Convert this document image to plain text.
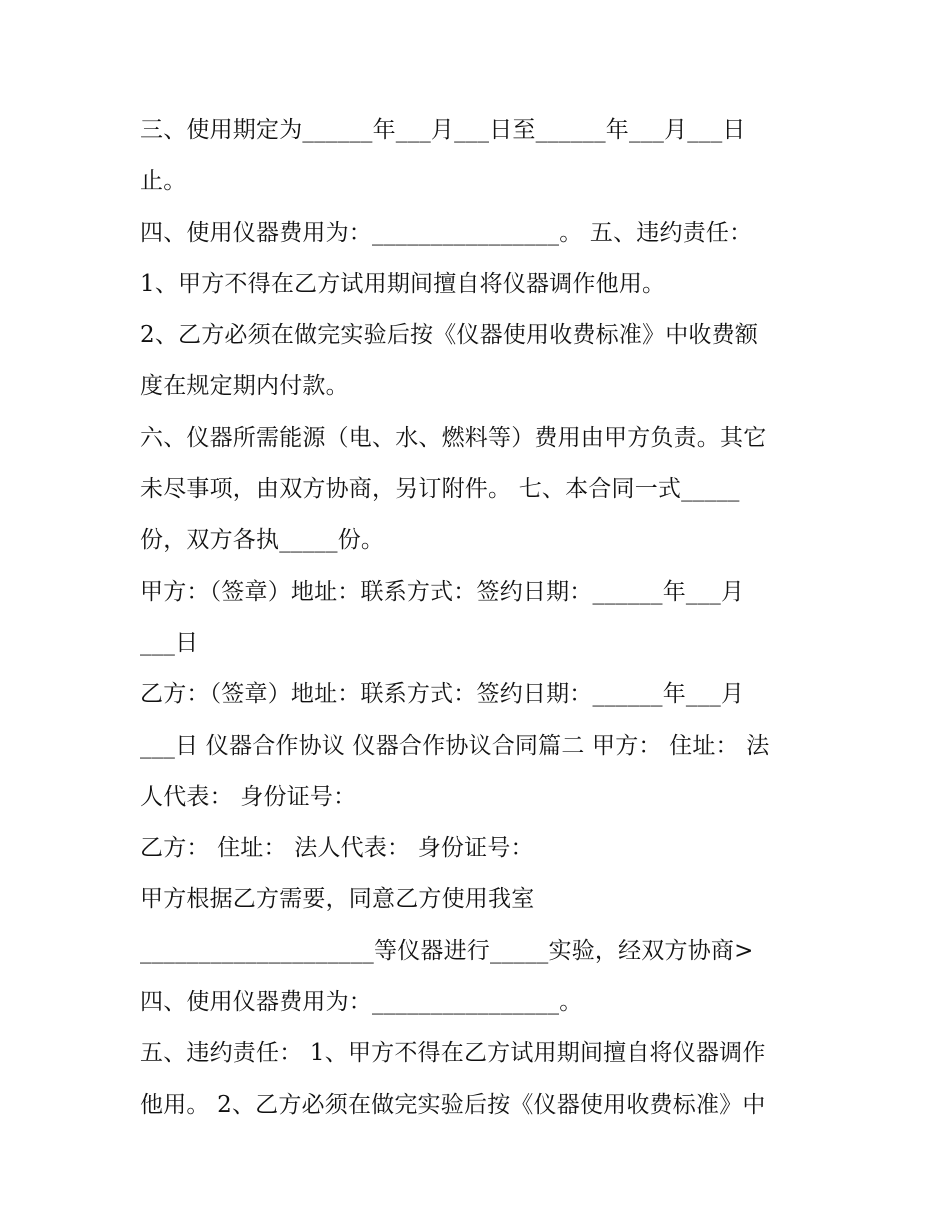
三、使用期定为______年___月___日至______年___月___日
止。
四、使用仪器费用为：________________。 五、违约责任：
1、甲方不得在乙方试用期间擅自将仪器调作他用。
2、乙方必须在做完实验后按《仪器使用收费标准》中收费额
度在规定期内付款。
六、仪器所需能源（电、水、燃料等）费用由甲方负责。其它
未尽事项，由双方协商，另订附件。 七、本合同一式_____
份，双方各执_____份。
甲方：（签章）地址：联系方式：签约日期：______年___月
___日
乙方：（签章）地址：联系方式：签约日期：______年___月
___日 仪器合作协议 仪器合作协议合同篇二 甲方： 住址： 法
人代表： 身份证号：
乙方： 住址： 法人代表： 身份证号：
甲方根据乙方需要，同意乙方使用我室
____________________等仪器进行_____实验，经双方协商>
四、使用仪器费用为：________________。
五、违约责任： 1、甲方不得在乙方试用期间擅自将仪器调作
他用。 2、乙方必须在做完实验后按《仪器使用收费标准》中
